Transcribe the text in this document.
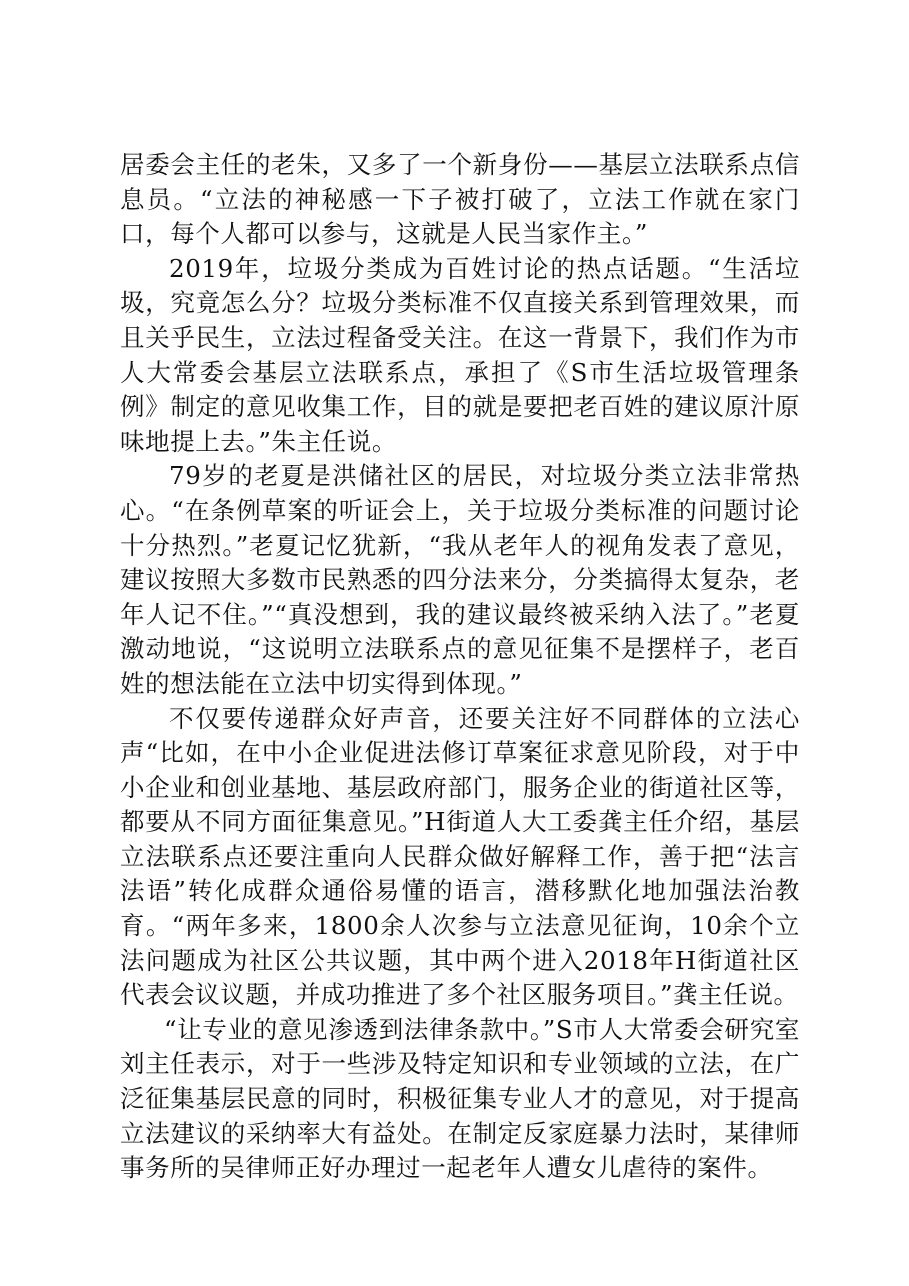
居委会主任的老朱，又多了一个新身份——基层立法联系点信息员。“立法的神秘感一下子被打破了，立法工作就在家门口，每个人都可以参与，这就是人民当家作主。”

2019年，垃圾分类成为百姓讨论的热点话题。“生活垃圾，究竟怎么分？垃圾分类标准不仅直接关系到管理效果，而且关乎民生，立法过程备受关注。在这一背景下，我们作为市人大常委会基层立法联系点，承担了《S市生活垃圾管理条例》制定的意见收集工作，目的就是要把老百姓的建议原汁原味地提上去。”朱主任说。

79岁的老夏是洪储社区的居民，对垃圾分类立法非常热心。“在条例草案的听证会上，关于垃圾分类标准的问题讨论十分热烈。”老夏记忆犹新，“我从老年人的视角发表了意见，建议按照大多数市民熟悉的四分法来分，分类搞得太复杂，老年人记不住。”“真没想到，我的建议最终被采纳入法了。”老夏激动地说，“这说明立法联系点的意见征集不是摆样子，老百姓的想法能在立法中切实得到体现。”

不仅要传递群众好声音，还要关注好不同群体的立法心声“比如，在中小企业促进法修订草案征求意见阶段，对于中小企业和创业基地、基层政府部门，服务企业的街道社区等，都要从不同方面征集意见。”H街道人大工委龚主任介绍，基层立法联系点还要注重向人民群众做好解释工作，善于把“法言法语”转化成群众通俗易懂的语言，潜移默化地加强法治教育。“两年多来，1800余人次参与立法意见征询，10余个立法问题成为社区公共议题，其中两个进入2018年H街道社区代表会议议题，并成功推进了多个社区服务项目。”龚主任说。

“让专业的意见渗透到法律条款中。”S市人大常委会研究室刘主任表示，对于一些涉及特定知识和专业领域的立法，在广泛征集基层民意的同时，积极征集专业人才的意见，对于提高立法建议的采纳率大有益处。在制定反家庭暴力法时，某律师事务所的吴律师正好办理过一起老年人遭女儿虐待的案件。
